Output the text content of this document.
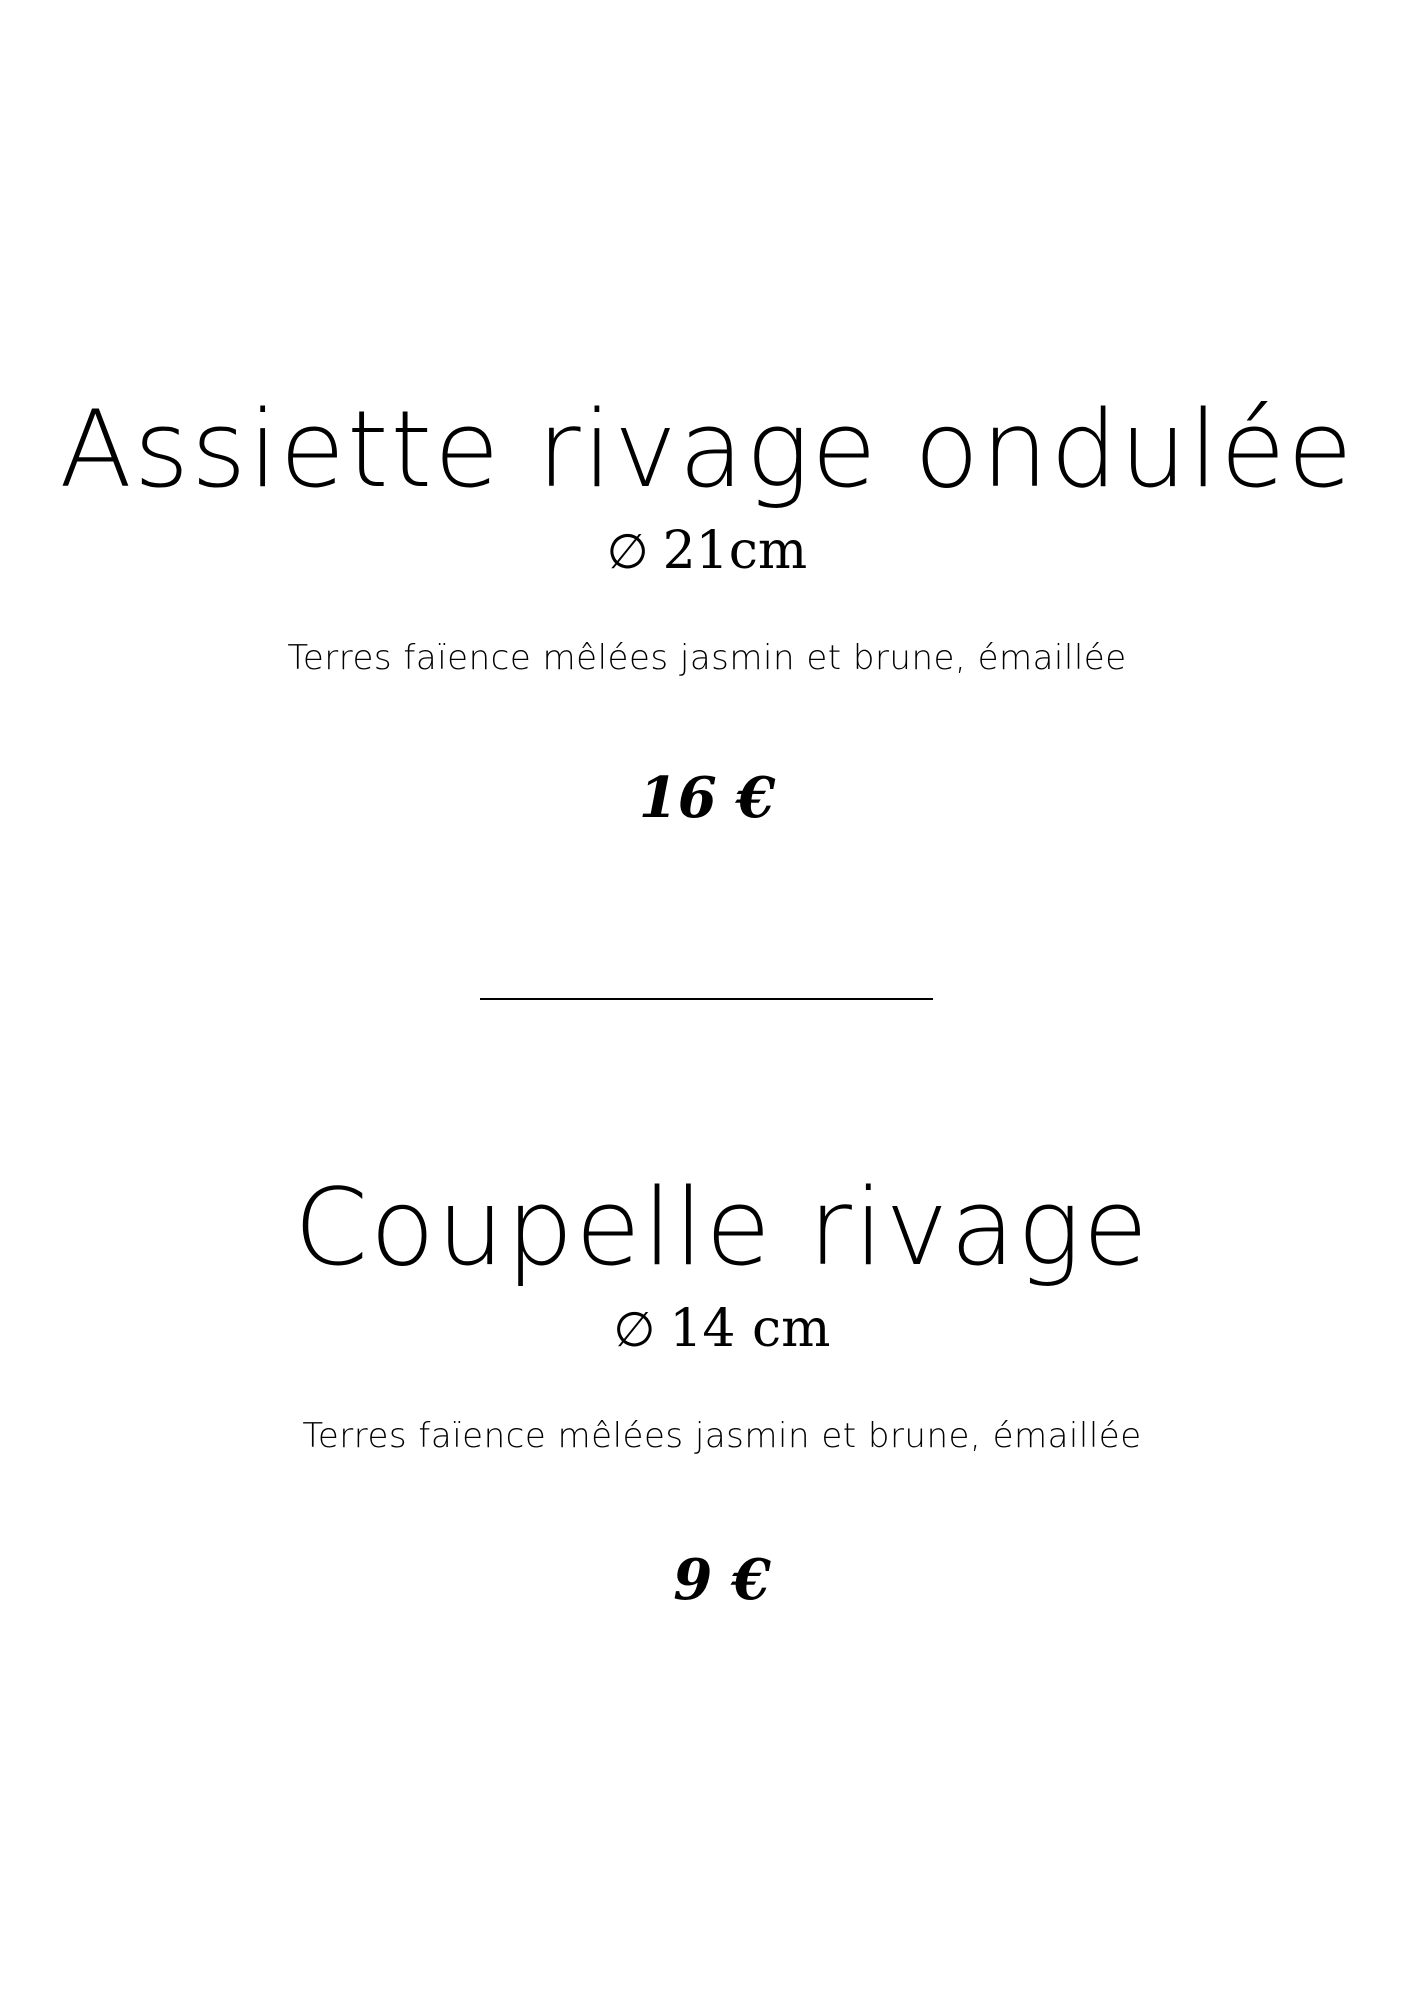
Assiette rivage ondulée
∅ 21cm
Terres faïence mêlées jasmin et brune, émaillée
16 €
Coupelle rivage
∅ 14 cm
Terres faïence mêlées jasmin et brune, émaillée
9 €
